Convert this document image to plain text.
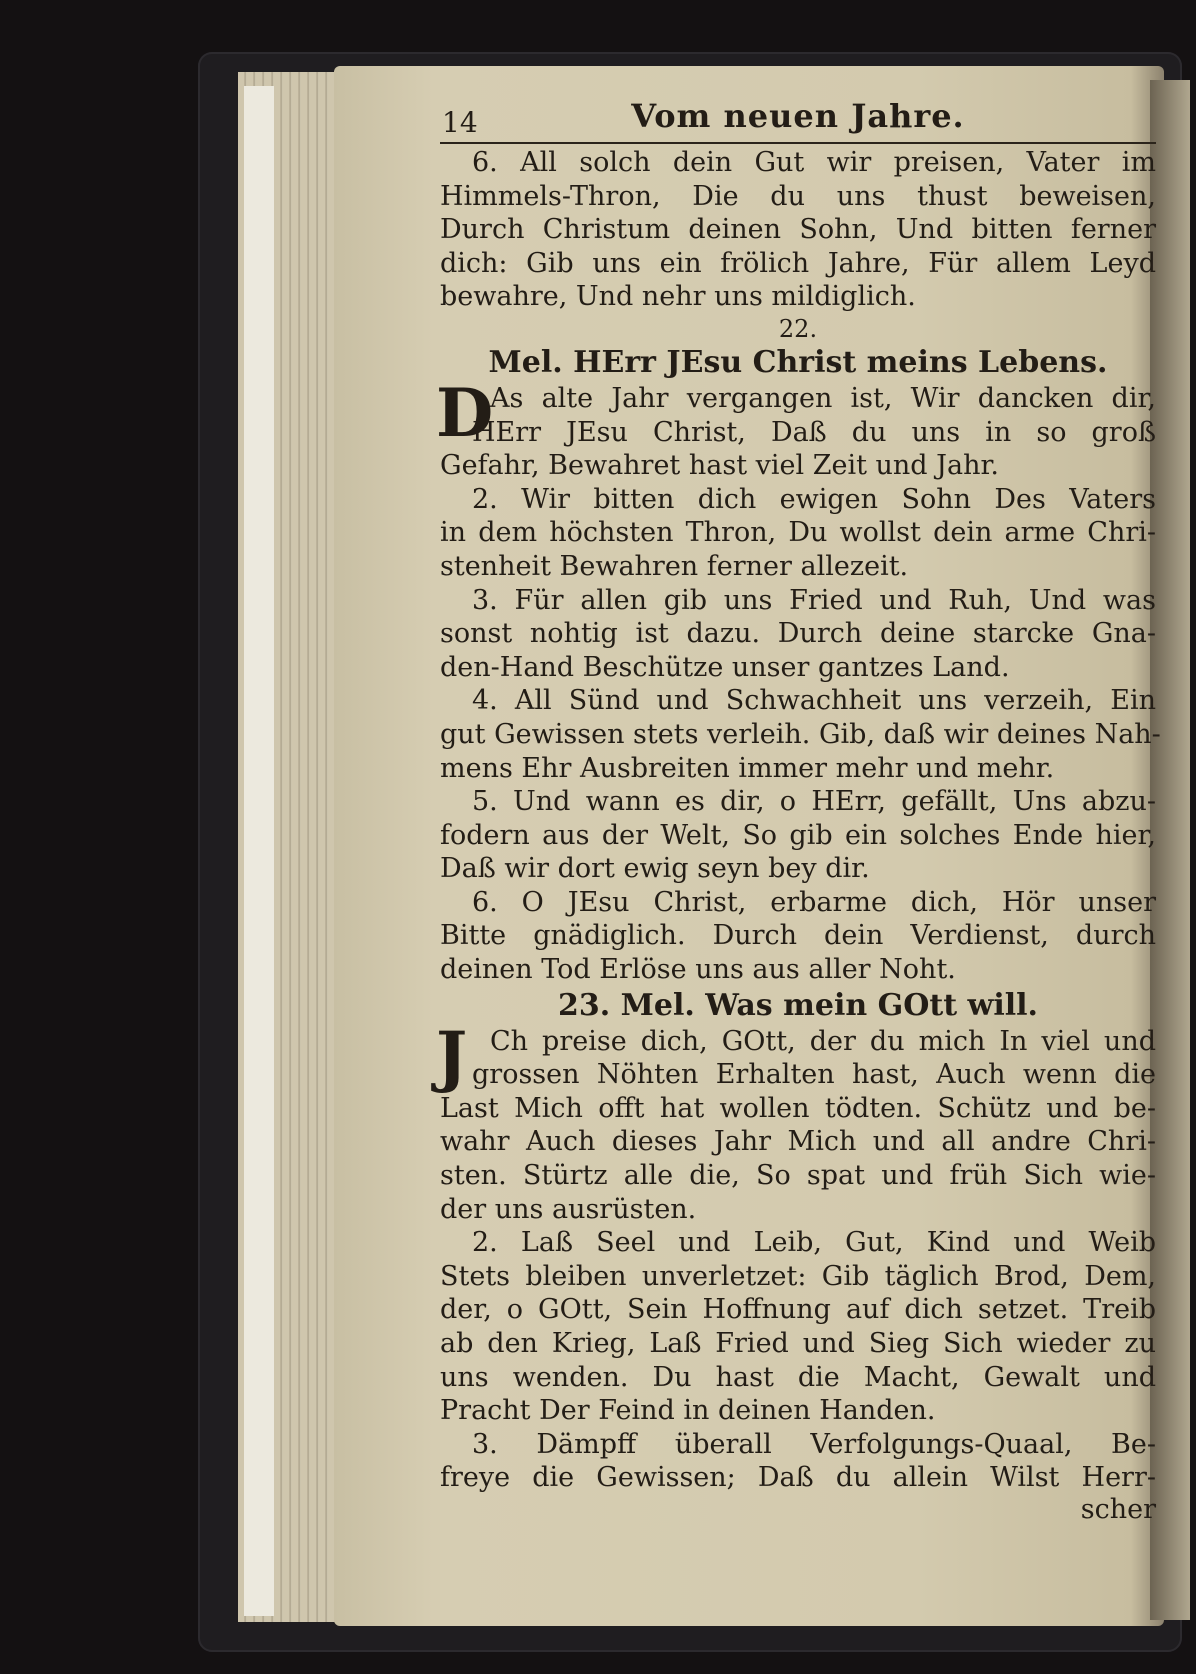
14	Vom neuen Jahre.
6. All solch dein Gut wir preisen, Vater im
Himmels-Thron, Die du uns thust beweisen,
Durch Christum deinen Sohn, Und bitten ferner
dich: Gib uns ein frölich Jahre, Für allem Leyd
bewahre, Und nehr uns mildiglich.
22.
Mel. HErr JEsu Christ meins Lebens.
D
As alte Jahr vergangen ist, Wir dancken dir,
HErr JEsu Christ, Daß du uns in so groß
Gefahr, Bewahret hast viel Zeit und Jahr.
2. Wir bitten dich ewigen Sohn Des Vaters
in dem höchsten Thron, Du wollst dein arme Chri-
stenheit Bewahren ferner allezeit.
3. Für allen gib uns Fried und Ruh, Und was
sonst nohtig ist dazu. Durch deine starcke Gna-
den-Hand Beschütze unser gantzes Land.
4. All Sünd und Schwachheit uns verzeih, Ein
gut Gewissen stets verleih. Gib, daß wir deines Nah-
mens Ehr Ausbreiten immer mehr und mehr.
5. Und wann es dir, o HErr, gefällt, Uns abzu-
fodern aus der Welt, So gib ein solches Ende hier,
Daß wir dort ewig seyn bey dir.
6. O JEsu Christ, erbarme dich, Hör unser
Bitte gnädiglich. Durch dein Verdienst, durch
deinen Tod Erlöse uns aus aller Noht.
23. Mel. Was mein GOtt will.
J Ch preise dich, GOtt, der du mich In viel und
grossen Nöhten Erhalten hast, Auch wenn die
Last Mich offt hat wollen tödten. Schütz und be-
wahr Auch dieses Jahr Mich und all andre Chri-
sten. Stürtz alle die, So spat und früh Sich wie-
der uns ausrüsten.
2. Laß Seel und Leib, Gut, Kind und Weib
Stets bleiben unverletzet: Gib täglich Brod, Dem,
der, o GOtt, Sein Hoffnung auf dich setzet. Treib
ab den Krieg, Laß Fried und Sieg Sich wieder zu
uns wenden. Du hast die Macht, Gewalt und
Pracht Der Feind in deinen Handen.
3. Dämpff überall Verfolgungs-Quaal, Be-
freye die Gewissen; Daß du allein Wilst Herr-
scher
